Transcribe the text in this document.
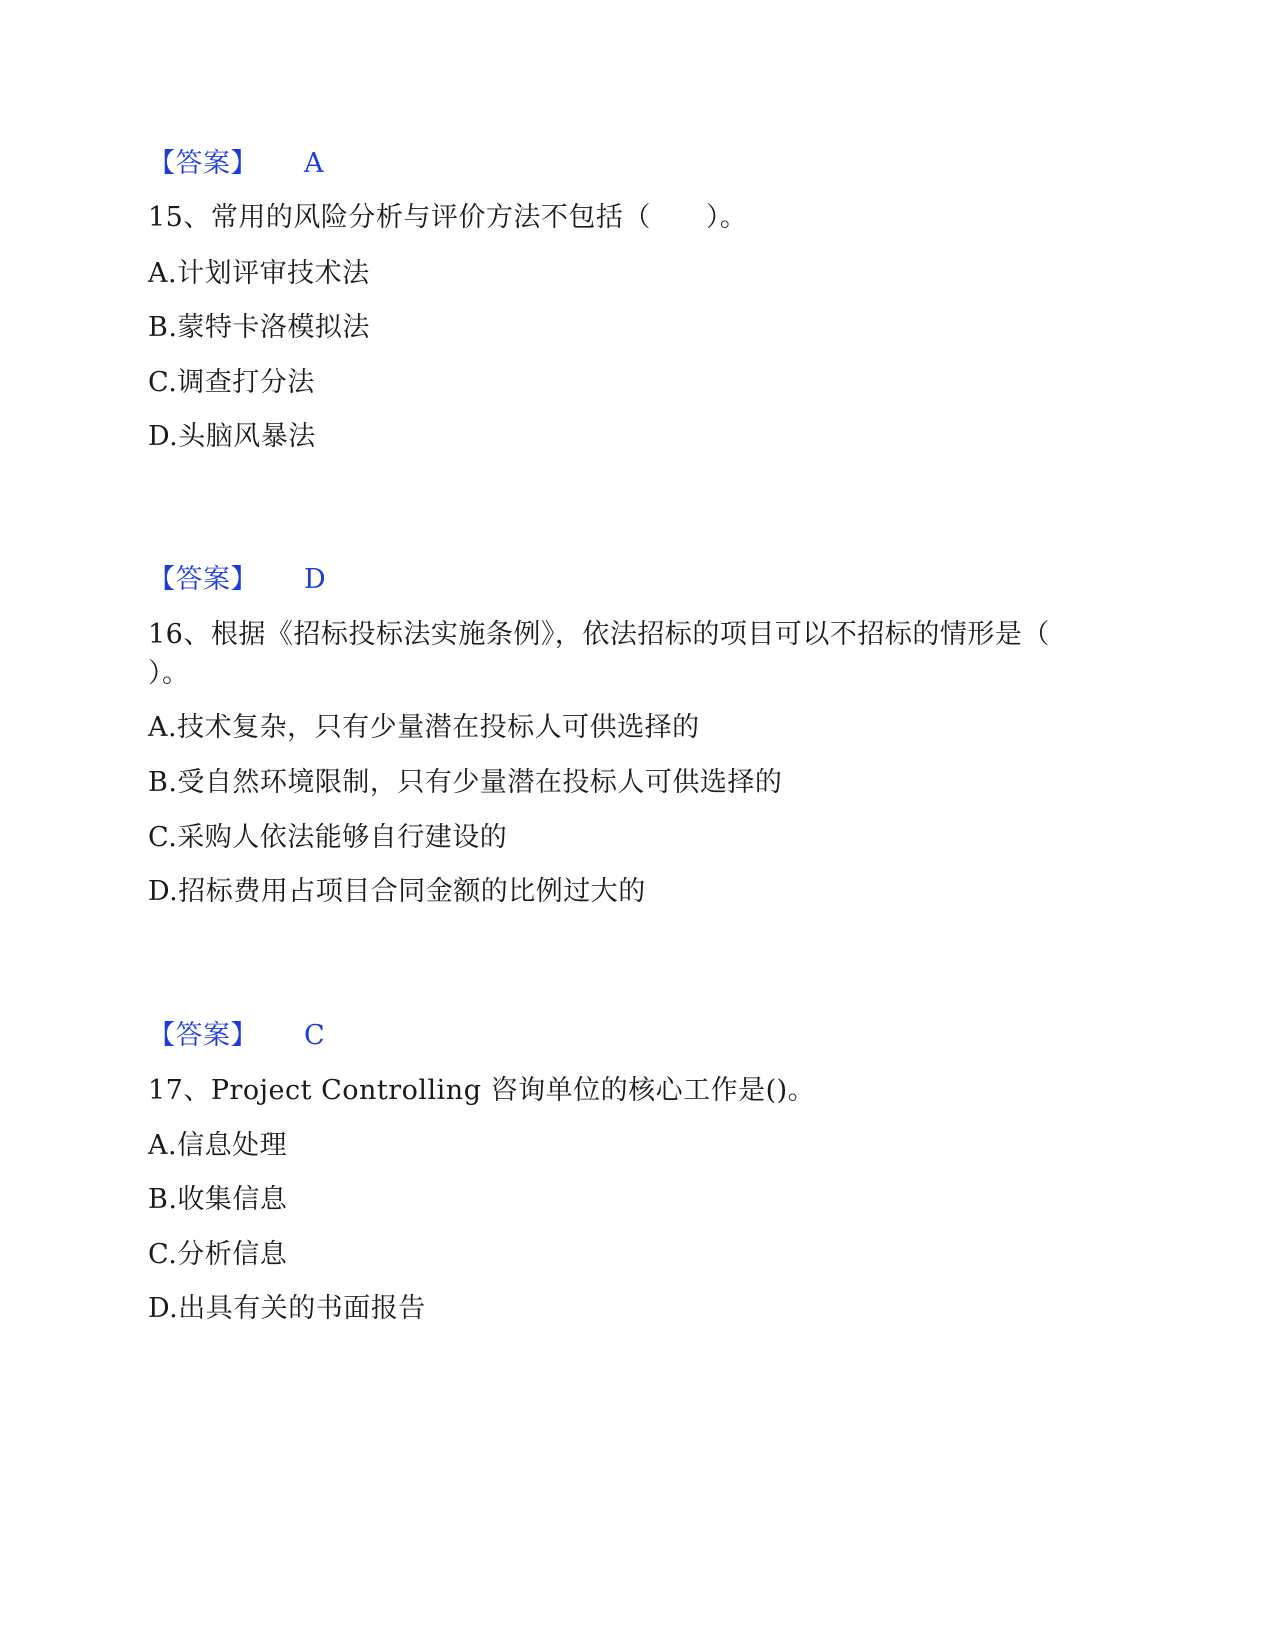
【答案】 A
15、常用的风险分析与评价方法不包括（　　）。
A.计划评审技术法
B.蒙特卡洛模拟法
C.调查打分法
D.头脑风暴法
【答案】 D
16、根据《招标投标法实施条例》，依法招标的项目可以不招标的情形是（
）。
A.技术复杂，只有少量潜在投标人可供选择的
B.受自然环境限制，只有少量潜在投标人可供选择的
C.采购人依法能够自行建设的
D.招标费用占项目合同金额的比例过大的
【答案】 C
17、Project Controlling 咨询单位的核心工作是()。
A.信息处理
B.收集信息
C.分析信息
D.出具有关的书面报告
